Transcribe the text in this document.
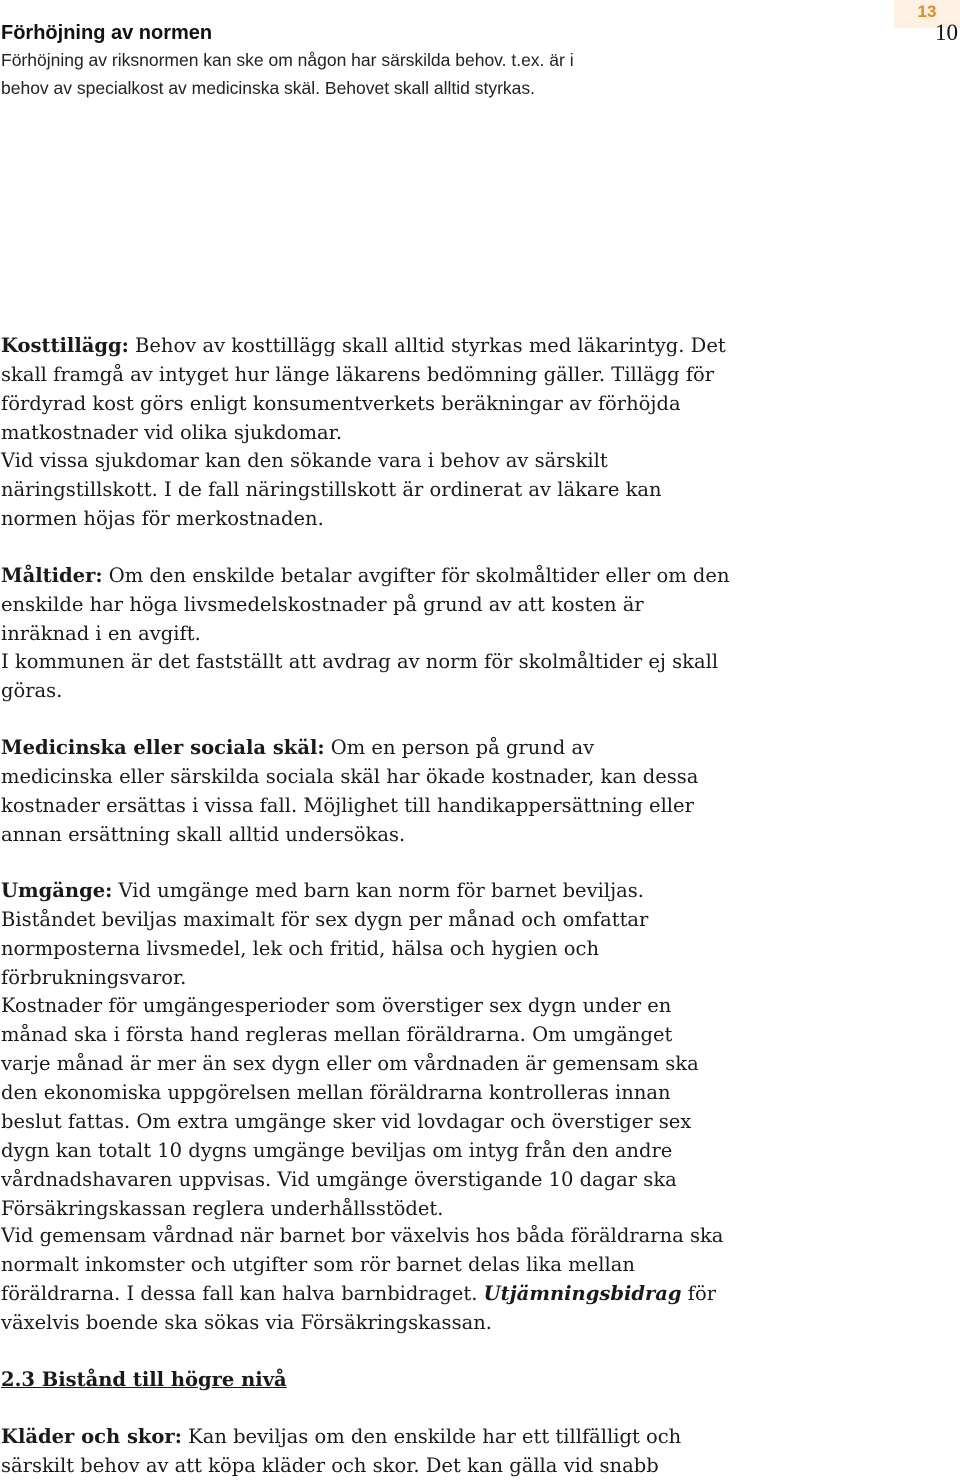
13
10
Förhöjning av normen
Förhöjning av riksnormen kan ske om någon har särskilda behov. t.ex. är i
behov av specialkost av medicinska skäl. Behovet skall alltid styrkas.
Kosttillägg: Behov av kosttillägg skall alltid styrkas med läkarintyg. Det skall framgå av intyget hur länge läkarens bedömning gäller. Tillägg för fördyrad kost görs enligt konsumentverkets beräkningar av förhöjda matkostnader vid olika sjukdomar.
Vid vissa sjukdomar kan den sökande vara i behov av särskilt näringstillskott. I de fall näringstillskott är ordinerat av läkare kan normen höjas för merkostnaden.
Måltider: Om den enskilde betalar avgifter för skolmåltider eller om den enskilde har höga livsmedelskostnader på grund av att kosten är inräknad i en avgift.
I kommunen är det fastställt att avdrag av norm för skolmåltider ej skall göras.
Medicinska eller sociala skäl: Om en person på grund av medicinska eller särskilda sociala skäl har ökade kostnader, kan dessa kostnader ersättas i vissa fall. Möjlighet till handikappersättning eller annan ersättning skall alltid undersökas.
Umgänge: Vid umgänge med barn kan norm för barnet beviljas.
Biståndet beviljas maximalt för sex dygn per månad och omfattar normposterna livsmedel, lek och fritid, hälsa och hygien och förbrukningsvaror.
Kostnader för umgängesperioder som överstiger sex dygn under en månad ska i första hand regleras mellan föräldrarna. Om umgänget varje månad är mer än sex dygn eller om vårdnaden är gemensam ska den ekonomiska uppgörelsen mellan föräldrarna kontrolleras innan beslut fattas. Om extra umgänge sker vid lovdagar och överstiger sex dygn kan totalt 10 dygns umgänge beviljas om intyg från den andre vårdnadshavaren uppvisas. Vid umgänge överstigande 10 dagar ska Försäkringskassan reglera underhållsstödet.
Vid gemensam vårdnad när barnet bor växelvis hos båda föräldrarna ska normalt inkomster och utgifter som rör barnet delas lika mellan föräldrarna. I dessa fall kan halva barnbidraget. Utjämningsbidrag för växelvis boende ska sökas via Försäkringskassan.
2.3 Bistånd till högre nivå
Kläder och skor: Kan beviljas om den enskilde har ett tillfälligt och särskilt behov av att köpa kläder och skor. Det kan gälla vid snabb
